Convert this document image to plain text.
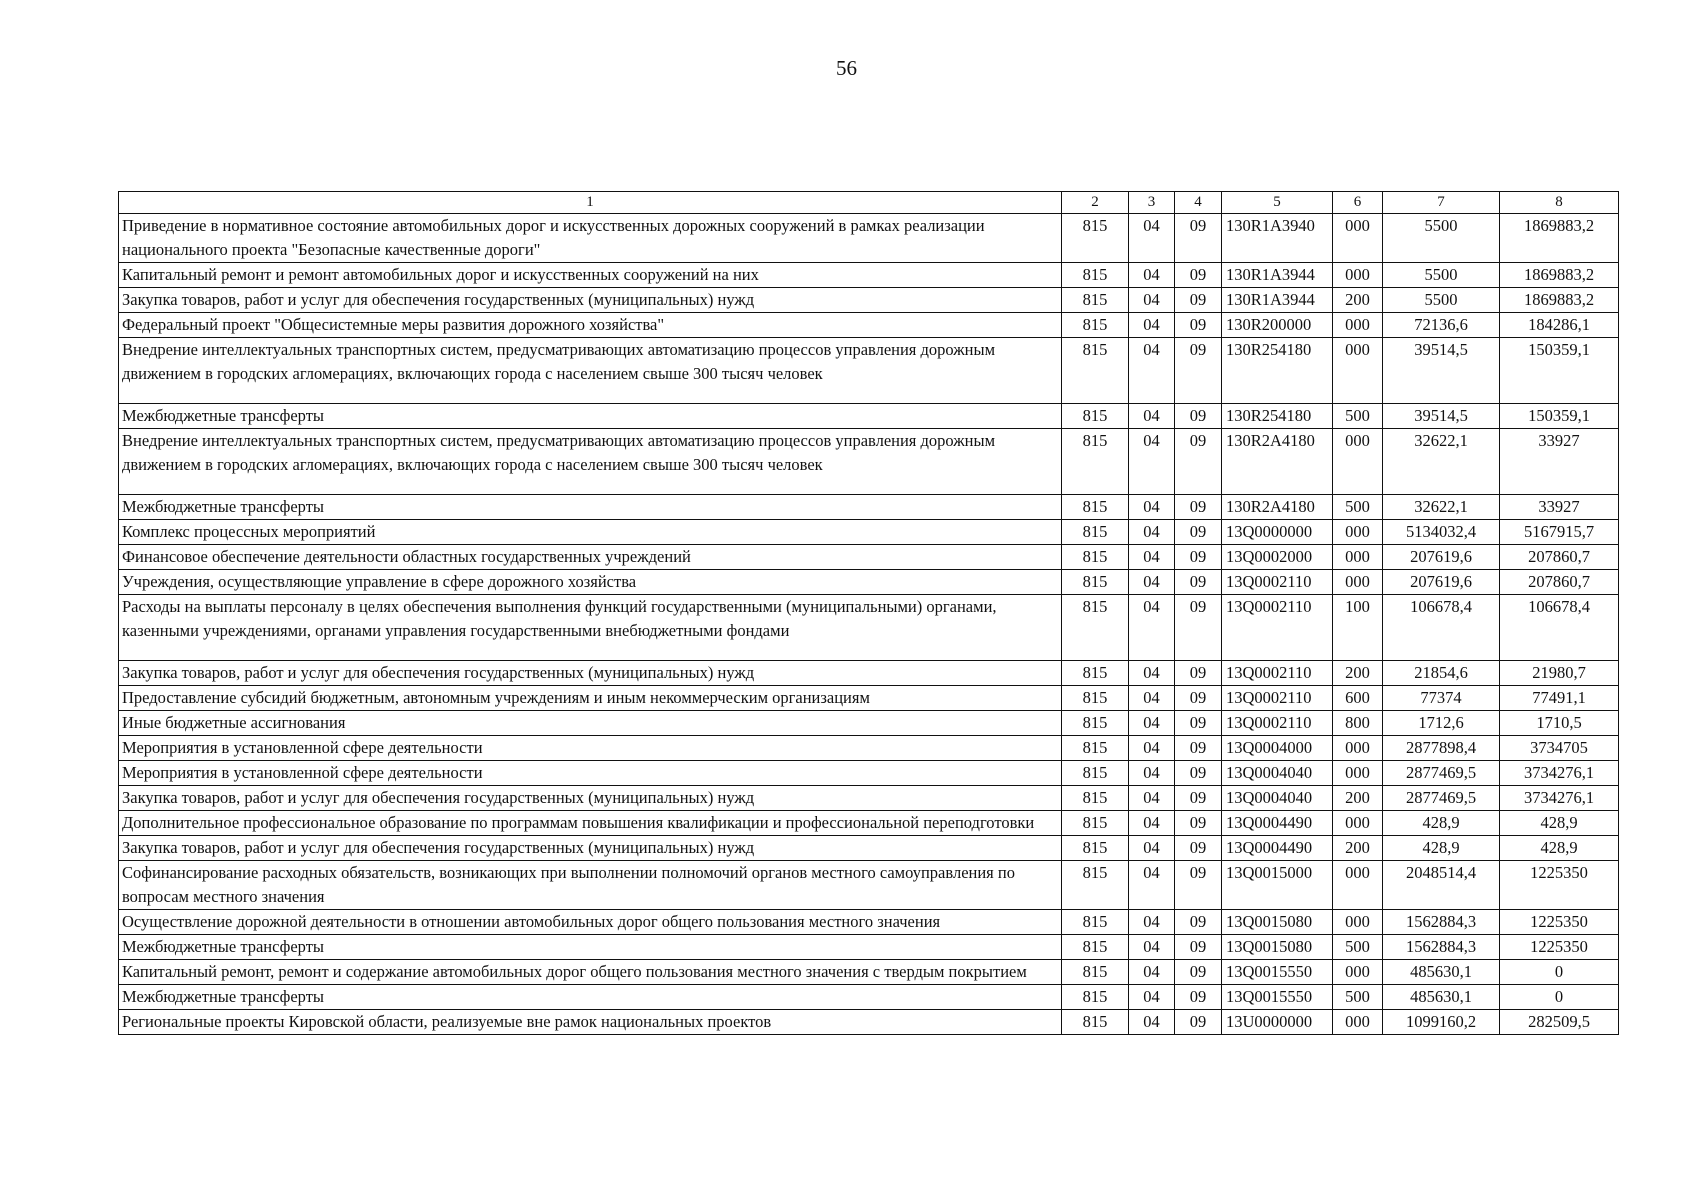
56
1	2	3	4	5	6	7	8
Приведение в нормативное состояние автомобильных дорог и искусственных дорожных сооружений в рамках реализации национального проекта "Безопасные качественные дороги"	815	04	09	130R1A3940	000	5500	1869883,2
Капитальный ремонт и ремонт автомобильных дорог и искусственных сооружений на них	815	04	09	130R1A3944	000	5500	1869883,2
Закупка товаров, работ и услуг для обеспечения государственных (муниципальных) нужд	815	04	09	130R1A3944	200	5500	1869883,2
Федеральный проект "Общесистемные меры развития дорожного хозяйства"	815	04	09	130R200000	000	72136,6	184286,1
Внедрение интеллектуальных транспортных систем, предусматривающих автоматизацию процессов управления дорожным движением в городских агломерациях, включающих города с населением свыше 300 тысяч человек	815	04	09	130R254180	000	39514,5	150359,1
Межбюджетные трансферты	815	04	09	130R254180	500	39514,5	150359,1
Внедрение интеллектуальных транспортных систем, предусматривающих автоматизацию процессов управления дорожным движением в городских агломерациях, включающих города с населением свыше 300 тысяч человек	815	04	09	130R2A4180	000	32622,1	33927
Межбюджетные трансферты	815	04	09	130R2A4180	500	32622,1	33927
Комплекс процессных мероприятий	815	04	09	13Q0000000	000	5134032,4	5167915,7
Финансовое обеспечение деятельности областных государственных учреждений	815	04	09	13Q0002000	000	207619,6	207860,7
Учреждения, осуществляющие управление в сфере дорожного хозяйства	815	04	09	13Q0002110	000	207619,6	207860,7
Расходы на выплаты персоналу в целях обеспечения выполнения функций государственными (муниципальными) органами, казенными учреждениями, органами управления государственными внебюджетными фондами	815	04	09	13Q0002110	100	106678,4	106678,4
Закупка товаров, работ и услуг для обеспечения государственных (муниципальных) нужд	815	04	09	13Q0002110	200	21854,6	21980,7
Предоставление субсидий бюджетным, автономным учреждениям и иным некоммерческим организациям	815	04	09	13Q0002110	600	77374	77491,1
Иные бюджетные ассигнования	815	04	09	13Q0002110	800	1712,6	1710,5
Мероприятия в установленной сфере деятельности	815	04	09	13Q0004000	000	2877898,4	3734705
Мероприятия в установленной сфере деятельности	815	04	09	13Q0004040	000	2877469,5	3734276,1
Закупка товаров, работ и услуг для обеспечения государственных (муниципальных) нужд	815	04	09	13Q0004040	200	2877469,5	3734276,1
Дополнительное профессиональное образование по программам повышения квалификации и профессиональной переподготовки	815	04	09	13Q0004490	000	428,9	428,9
Закупка товаров, работ и услуг для обеспечения государственных (муниципальных) нужд	815	04	09	13Q0004490	200	428,9	428,9
Софинансирование расходных обязательств, возникающих при выполнении полномочий органов местного самоуправления по вопросам местного значения	815	04	09	13Q0015000	000	2048514,4	1225350
Осуществление дорожной деятельности в отношении автомобильных дорог общего пользования местного значения	815	04	09	13Q0015080	000	1562884,3	1225350
Межбюджетные трансферты	815	04	09	13Q0015080	500	1562884,3	1225350
Капитальный ремонт, ремонт и содержание автомобильных дорог общего пользования местного значения с твердым покрытием	815	04	09	13Q0015550	000	485630,1	0
Межбюджетные трансферты	815	04	09	13Q0015550	500	485630,1	0
Региональные проекты Кировской области, реализуемые вне рамок национальных проектов	815	04	09	13U0000000	000	1099160,2	282509,5
